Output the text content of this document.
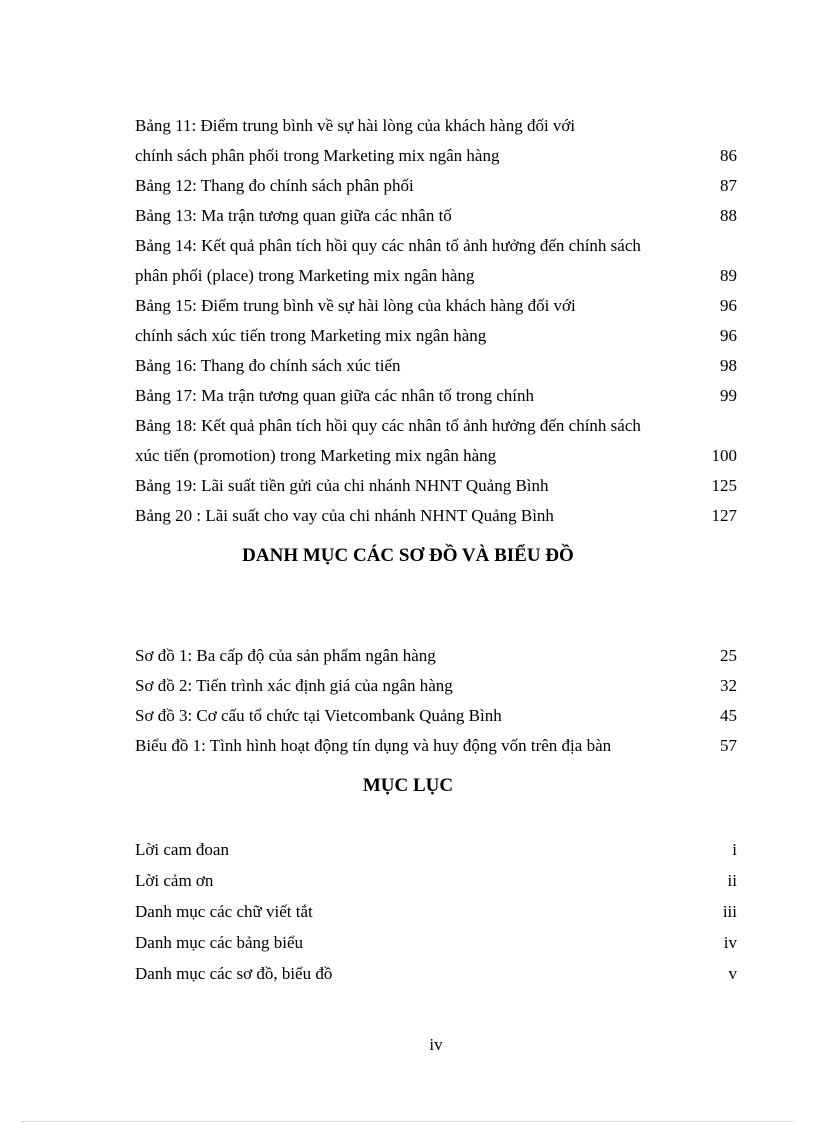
Bảng 11: Điểm trung bình về sự hài lòng của khách hàng đối với
chính sách phân phối trong Marketing mix ngân hàng	86
Bảng 12: Thang đo chính sách phân phối	87
Bảng 13: Ma trận tương quan giữa các nhân tố	88
Bảng 14: Kết quả phân tích hồi quy các nhân tố ảnh hưởng đến chính sách
phân phối (place) trong Marketing mix ngân hàng	89
Bảng 15: Điểm trung bình về sự hài lòng của khách hàng đối với	96
chính sách xúc tiến trong Marketing mix ngân hàng	96
Bảng 16: Thang đo chính sách xúc tiến	98
Bảng 17: Ma trận tương quan giữa các nhân tố trong chính	99
Bảng 18: Kết quả phân tích hồi quy các nhân tố ảnh hưởng đến chính sách
xúc tiến (promotion) trong Marketing mix ngân hàng	100
Bảng 19: Lãi suất tiền gửi của chi nhánh NHNT Quảng Bình	125
Bảng 20 : Lãi suất cho vay của chi nhánh NHNT Quảng Bình	127
DANH MỤC CÁC SƠ ĐỒ VÀ BIỂU ĐỒ
Sơ đồ 1: Ba cấp độ của sản phẩm ngân hàng	25
Sơ đồ 2: Tiến trình xác định giá của ngân hàng	32
Sơ đồ 3: Cơ cấu tổ chức tại Vietcombank Quảng Bình	45
Biểu đồ 1: Tình hình hoạt động tín dụng và huy động vốn trên địa bàn	57
MỤC LỤC
Lời cam đoan	i
Lời cảm ơn	ii
Danh mục các chữ viết tắt	iii
Danh mục các bảng biểu	iv
Danh mục các sơ đồ, biểu đồ	v
iv
